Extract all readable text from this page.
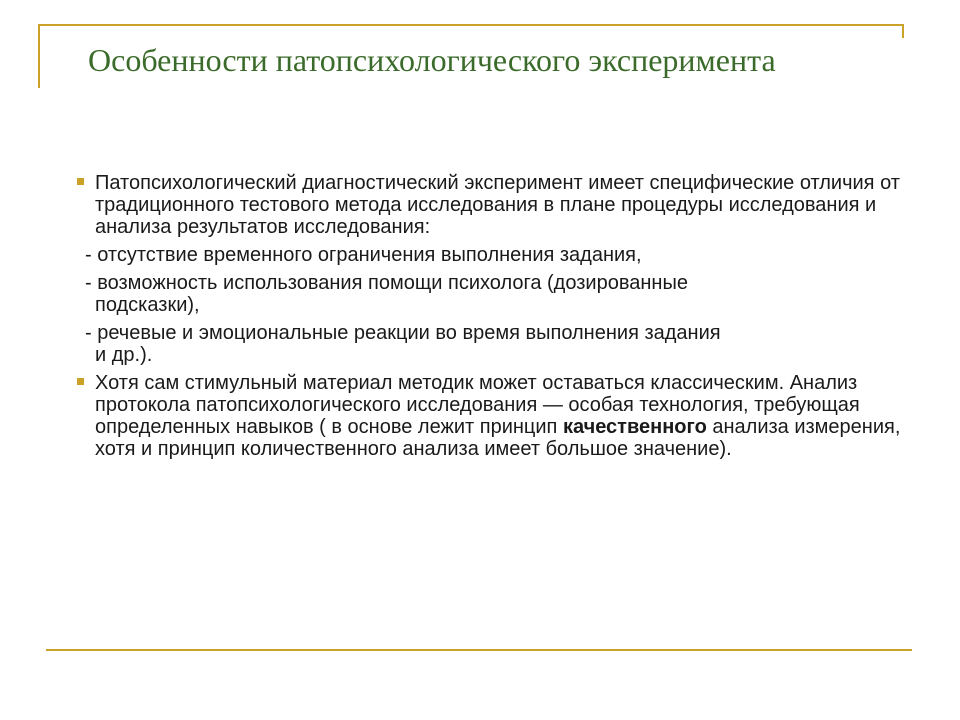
Особенности патопсихологического эксперимента
Патопсихологический диагностический эксперимент имеет специфические отличия от традиционного тестового метода исследования в плане процедуры исследования и анализа результатов исследования:
- отсутствие временного ограничения выполнения задания,
- возможность использования помощи психолога (дозированные
подсказки),
- речевые и эмоциональные реакции во время выполнения задания
и др.).
Хотя сам стимульный материал методик может оставаться классическим. Анализ протокола патопсихологического исследования — особая технология, требующая определенных навыков ( в основе лежит принцип качественного анализа измерения, хотя и принцип количественного анализа имеет большое значение).
